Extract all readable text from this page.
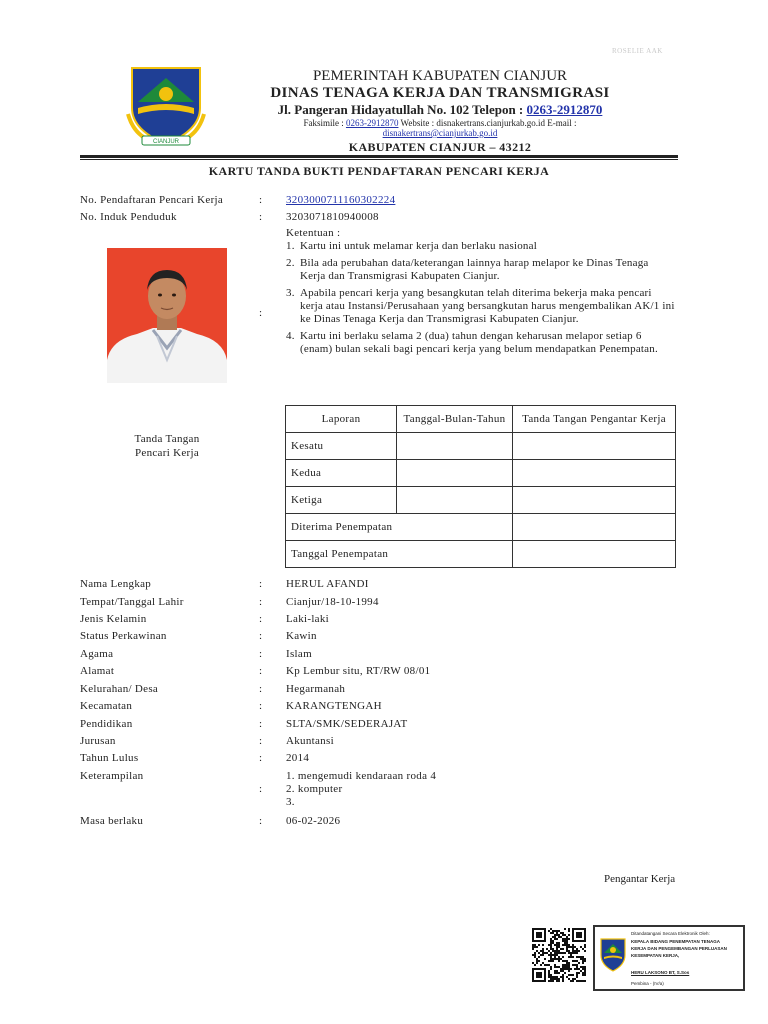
ROSELIE AAK
CIANJUR
PEMERINTAH KABUPATEN CIANJUR
DINAS TENAGA KERJA DAN TRANSMIGRASI
Jl. Pangeran Hidayatullah No. 102 Telepon : 0263-2912870
Faksimile : 0263-2912870 Website : disnakertrans.cianjurkab.go.id E-mail :
disnakertrans@cianjurkab.go.id
KABUPATEN CIANJUR – 43212
KARTU TANDA BUKTI PENDAFTARAN PENCARI KERJA
No. Pendaftaran Pencari Kerja	: 3203000711160302224
No. Induk Penduduk	: 3203071810940008
:
Ketentuan :
1. Kartu ini untuk melamar kerja dan berlaku nasional
2. Bila ada perubahan data/keterangan lainnya harap melapor ke Dinas Tenaga Kerja dan Transmigrasi Kabupaten Cianjur.
3. Apabila pencari kerja yang besangkutan telah diterima bekerja maka pencari kerja atau Instansi/Perusahaan yang bersangkutan harus mengembalikan AK/1 ini ke Dinas Tenaga Kerja dan Transmigrasi Kabupaten Cianjur.
4. Kartu ini berlaku selama 2 (dua) tahun dengan keharusan melapor setiap 6 (enam) bulan sekali bagi pencari kerja yang belum mendapatkan Penempatan.
Tanda Tangan
Pencari Kerja
Laporan	Tanggal-Bulan-Tahun	Tanda Tangan Pengantar Kerja
Kesatu		
Kedua		
Ketiga		
Diterima Penempatan		
Tanggal Penempatan		
Nama Lengkap	: HERUL AFANDI
Tempat/Tanggal Lahir	: Cianjur/18-10-1994
Jenis Kelamin	: Laki-laki
Status Perkawinan	: Kawin
Agama	: Islam
Alamat	: Kp Lembur situ, RT/RW 08/01
Kelurahan/ Desa	: Hegarmanah
Kecamatan	: KARANGTENGAH
Pendidikan	: SLTA/SMK/SEDERAJAT
Jurusan	: Akuntansi
Tahun Lulus	: 2014
Keterampilan
:
1. mengemudi kendaraan roda 4
2. komputer
3.
Masa berlaku	: 06-02-2026
Pengantar Kerja
Ditandatangani Secara Elektronik Oleh:
KEPALA BIDANG PENEMPATAN TENAGA
KERJA DAN PENGEMBANGAN PERLUASAN
KESEMPATAN KERJA,
HERU LAKSONO BT, S.Sos
Pembina - (IV/a)
